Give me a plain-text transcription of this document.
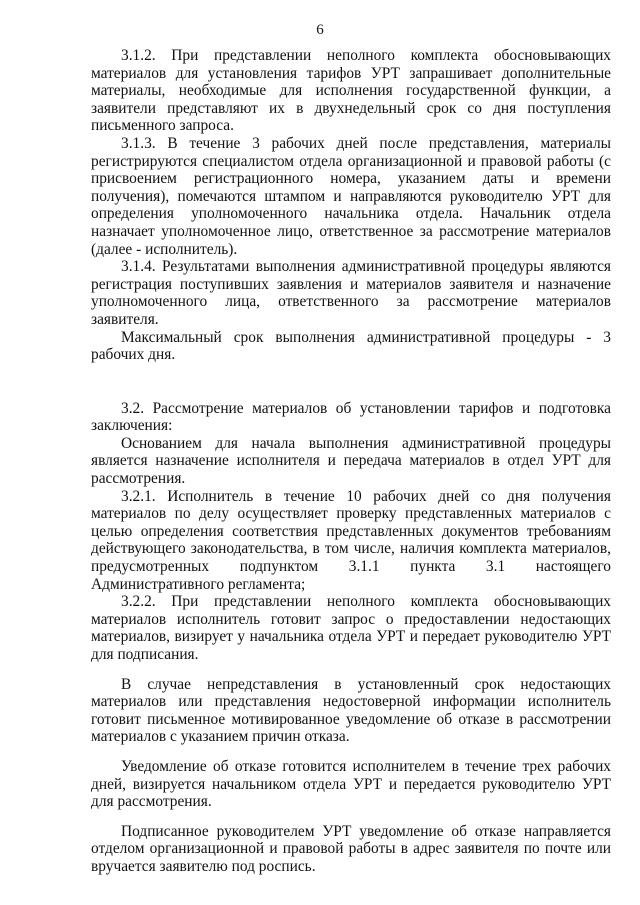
6

3.1.2. При представлении неполного комплекта обосновывающих материалов для установления тарифов УРТ запрашивает дополнительные материалы, необходимые для исполнения государственной функции, а заявители представляют их в двухнедельный срок со дня поступления письменного запроса.

3.1.3. В течение 3 рабочих дней после представления, материалы регистрируются специалистом отдела организационной и правовой работы (с присвоением регистрационного номера, указанием даты и времени получения), помечаются штампом и направляются руководителю УРТ для определения уполномоченного начальника отдела. Начальник отдела назначает уполномоченное лицо, ответственное за рассмотрение материалов (далее - исполнитель).

3.1.4. Результатами выполнения административной процедуры являются регистрация поступивших заявления и материалов заявителя и назначение уполномоченного лица, ответственного за рассмотрение материалов заявителя.

Максимальный срок выполнения административной процедуры - 3 рабочих дня.

3.2. Рассмотрение материалов об установлении тарифов и подготовка заключения:

Основанием для начала выполнения административной процедуры является назначение исполнителя и передача материалов в отдел УРТ для рассмотрения.

3.2.1. Исполнитель в течение 10 рабочих дней со дня получения материалов по делу осуществляет проверку представленных материалов с целью определения соответствия представленных документов требованиям действующего законодательства, в том числе, наличия комплекта материалов, предусмотренных подпунктом 3.1.1 пункта 3.1 настоящего Административного регламента;

3.2.2. При представлении неполного комплекта обосновывающих материалов исполнитель готовит запрос о предоставлении недостающих материалов, визирует у начальника отдела УРТ и передает руководителю УРТ для подписания.

В случае непредставления в установленный срок недостающих материалов или представления недостоверной информации исполнитель готовит письменное мотивированное уведомление об отказе в рассмотрении материалов с указанием причин отказа.

Уведомление об отказе готовится исполнителем в течение трех рабочих дней, визируется начальником отдела УРТ и передается руководителю УРТ для рассмотрения.

Подписанное руководителем УРТ уведомление об отказе направляется отделом организационной и правовой работы в адрес заявителя по почте или вручается заявителю под роспись.
